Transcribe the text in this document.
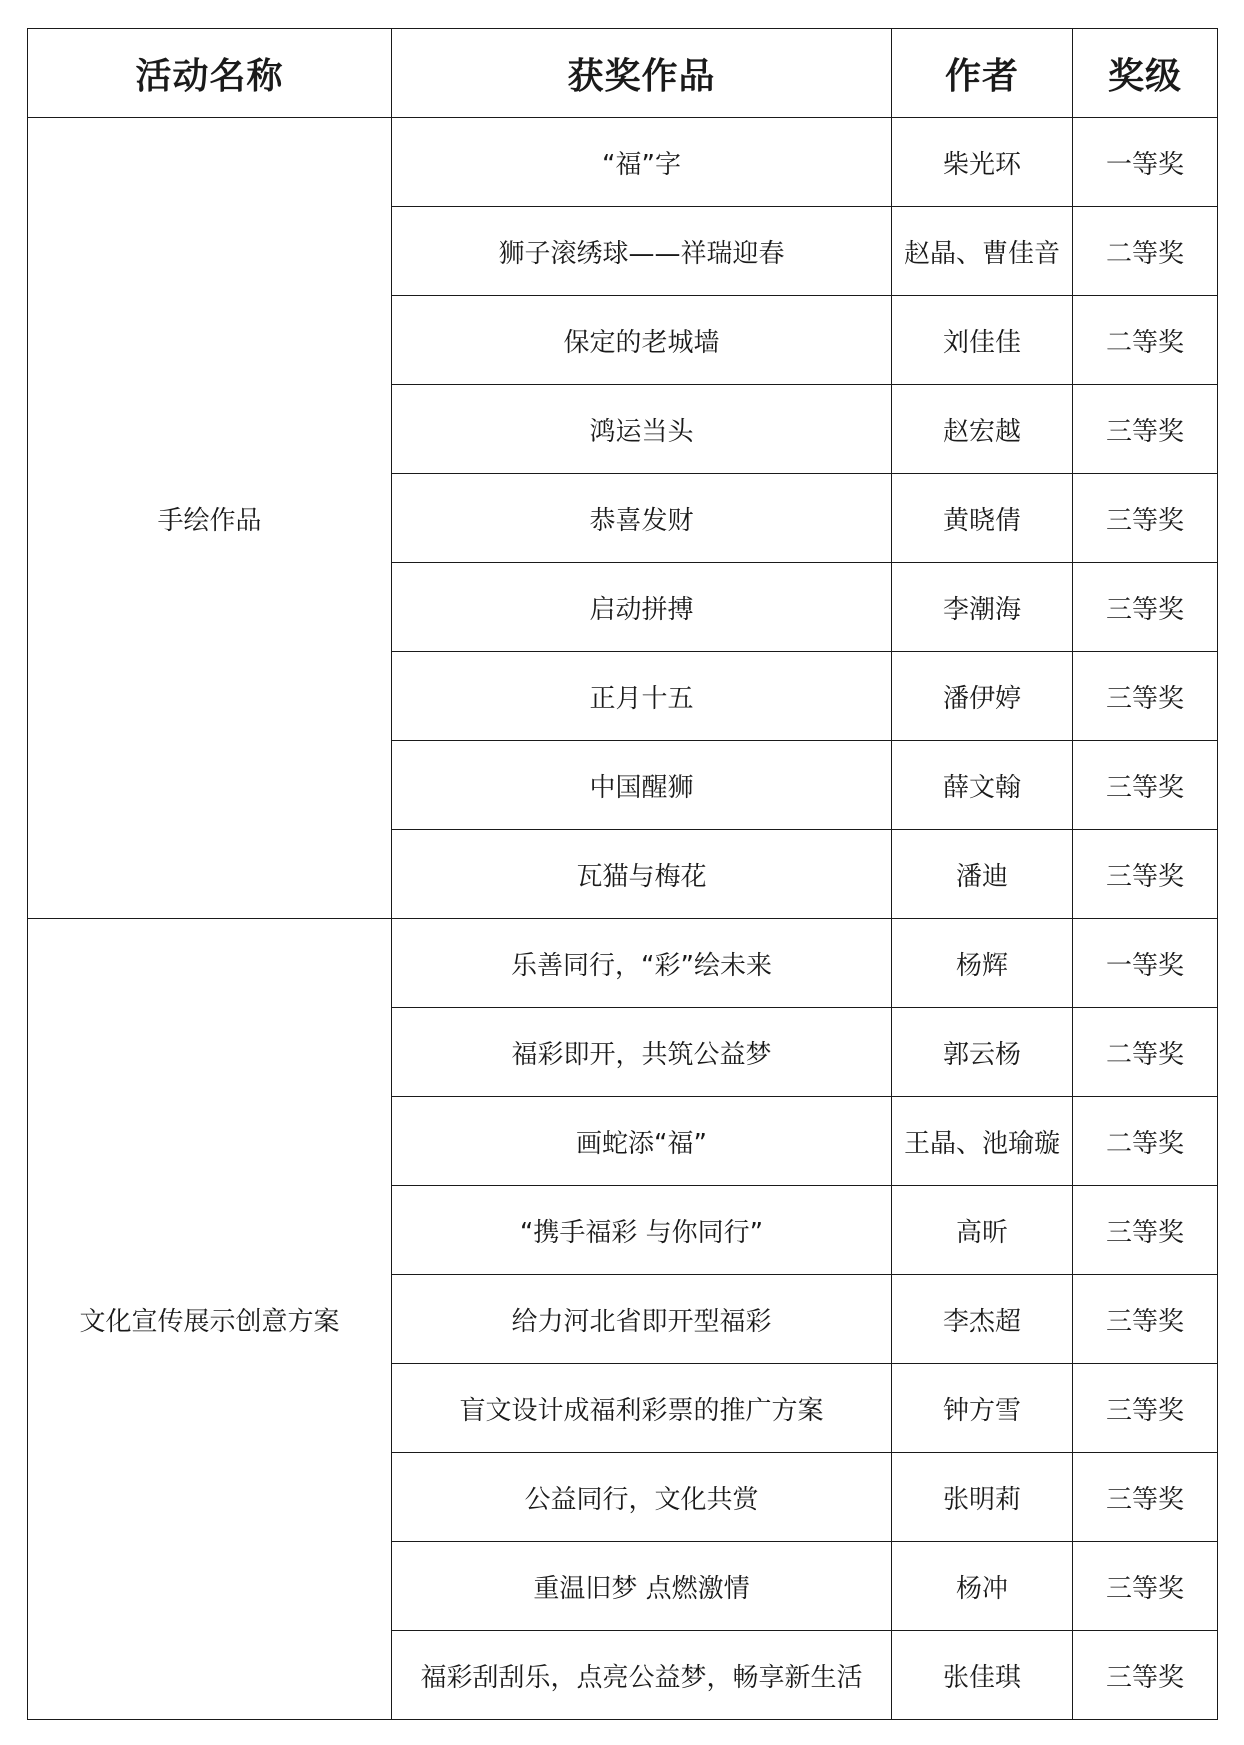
活动名称	获奖作品	作者	奖级
手绘作品	“福”字	柴光环	一等奖
	狮子滚绣球——祥瑞迎春	赵晶、曹佳音	二等奖
	保定的老城墙	刘佳佳	二等奖
	鸿运当头	赵宏越	三等奖
	恭喜发财	黄晓倩	三等奖
	启动拼搏	李潮海	三等奖
	正月十五	潘伊婷	三等奖
	中国醒狮	薛文翰	三等奖
	瓦猫与梅花	潘迪	三等奖
文化宣传展示创意方案	乐善同行，“彩”绘未来	杨辉	一等奖
	福彩即开，共筑公益梦	郭云杨	二等奖
	画蛇添“福”	王晶、池瑜璇	二等奖
	“携手福彩 与你同行”	高昕	三等奖
	给力河北省即开型福彩	李杰超	三等奖
	盲文设计成福利彩票的推广方案	钟方雪	三等奖
	公益同行，文化共赏	张明莉	三等奖
	重温旧梦 点燃激情	杨冲	三等奖
	福彩刮刮乐，点亮公益梦，畅享新生活	张佳琪	三等奖
